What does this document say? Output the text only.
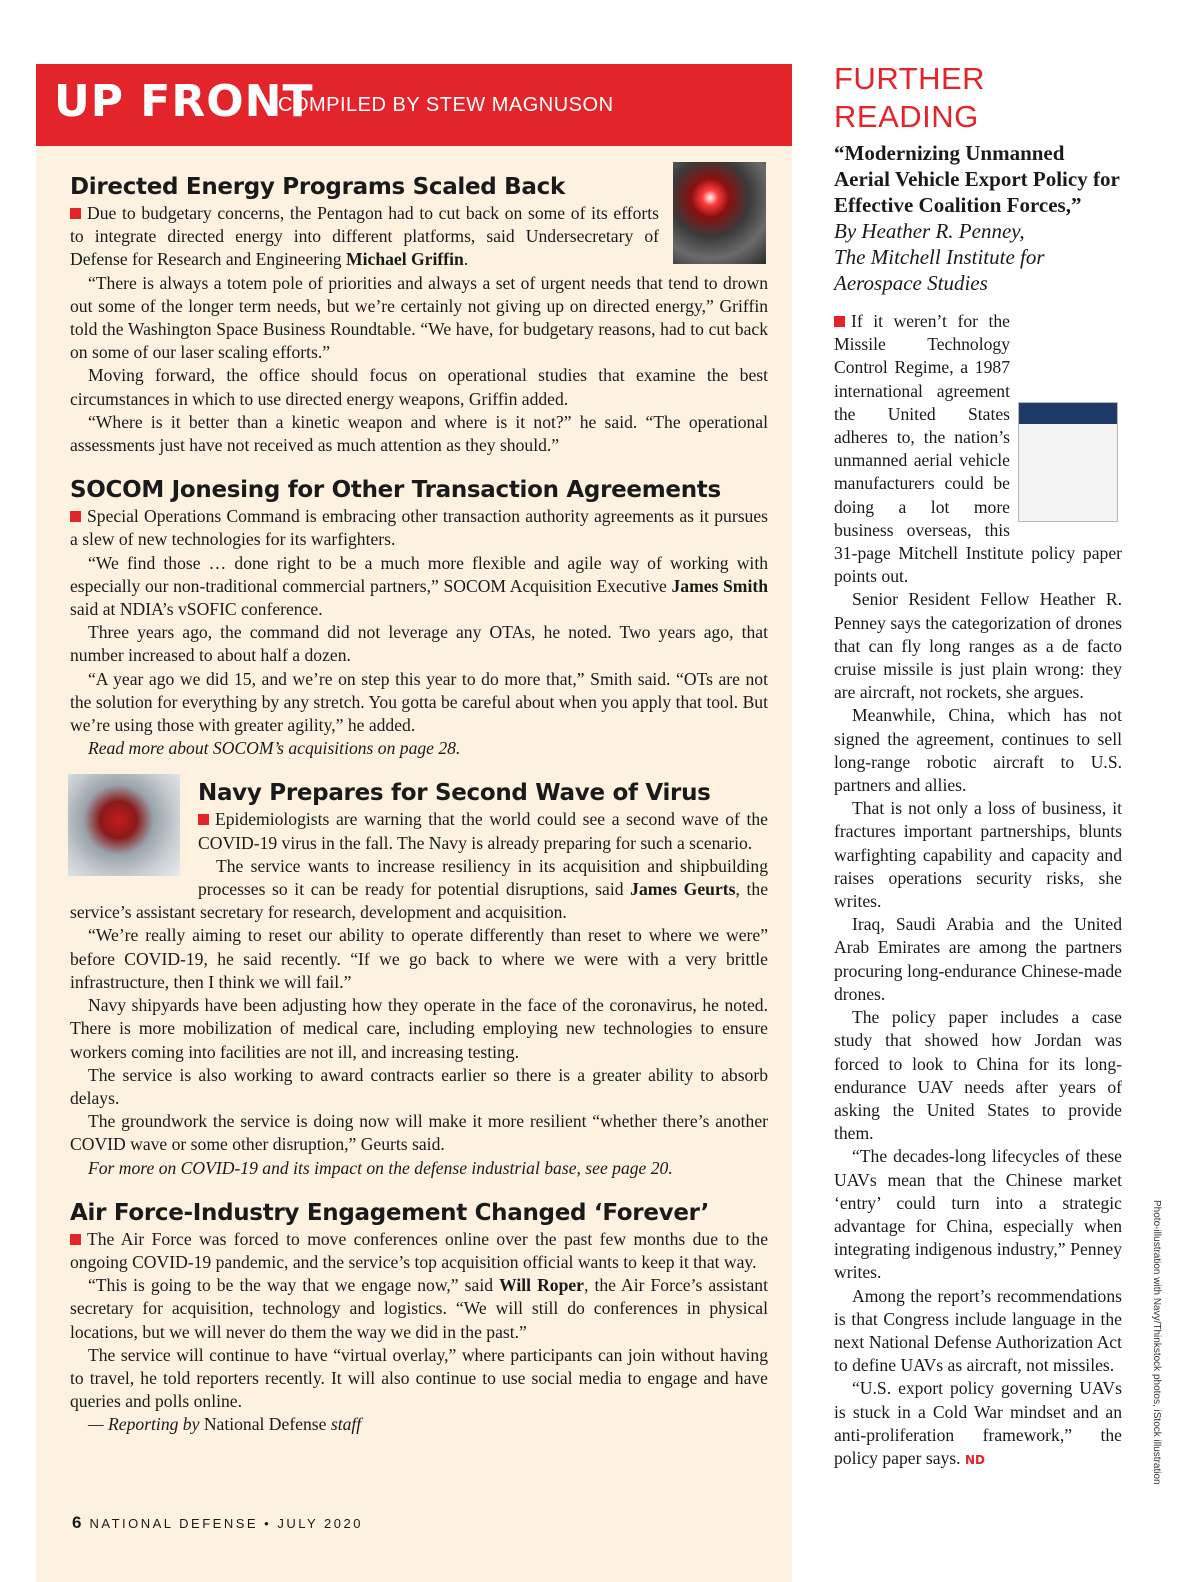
UP FRONT
COMPILED BY STEW MAGNUSON
Directed Energy Programs Scaled Back

Due to budgetary concerns, the Pentagon had to cut back on some of its efforts to integrate directed energy into different platforms, said Undersecretary of Defense for Research and Engineering Michael Griffin.

“There is always a totem pole of priorities and always a set of urgent needs that tend to drown out some of the longer term needs, but we’re certainly not giving up on directed energy,” Griffin told the Washington Space Business Roundtable. “We have, for budgetary reasons, had to cut back on some of our laser scaling efforts.”

Moving forward, the office should focus on operational studies that examine the best circumstances in which to use directed energy weapons, Griffin added.

“Where is it better than a kinetic weapon and where is it not?” he said. “The operational assessments just have not received as much attention as they should.”

SOCOM Jonesing for Other Transaction Agreements

Special Operations Command is embracing other transaction authority agreements as it pursues a slew of new technologies for its warfighters.

“We find those … done right to be a much more flexible and agile way of working with especially our non-traditional commercial partners,” SOCOM Acquisition Executive James Smith said at NDIA’s vSOFIC conference.

Three years ago, the command did not leverage any OTAs, he noted. Two years ago, that number increased to about half a dozen.

“A year ago we did 15, and we’re on step this year to do more that,” Smith said. “OTs are not the solution for everything by any stretch. You gotta be careful about when you apply that tool. But we’re using those with greater agility,” he added.

Read more about SOCOM’s acquisitions on page 28.

Navy Prepares for Second Wave of Virus

Epidemiologists are warning that the world could see a second wave of the COVID-19 virus in the fall. The Navy is already preparing for such a scenario.

The service wants to increase resiliency in its acquisition and shipbuilding processes so it can be ready for potential disruptions, said James Geurts, the service’s assistant secretary for research, development and acquisition.

“We’re really aiming to reset our ability to operate differently than reset to where we were” before COVID-19, he said recently. “If we go back to where we were with a very brittle infrastructure, then I think we will fail.”

Navy shipyards have been adjusting how they operate in the face of the coronavirus, he noted. There is more mobilization of medical care, including employing new technologies to ensure workers coming into facilities are not ill, and increasing testing.

The service is also working to award contracts earlier so there is a greater ability to absorb delays.

The groundwork the service is doing now will make it more resilient “whether there’s another COVID wave or some other disruption,” Geurts said.

For more on COVID-19 and its impact on the defense industrial base, see page 20.

Air Force-Industry Engagement Changed ‘Forever’

The Air Force was forced to move conferences online over the past few months due to the ongoing COVID-19 pandemic, and the service’s top acquisition official wants to keep it that way.

“This is going to be the way that we engage now,” said Will Roper, the Air Force’s assistant secretary for acquisition, technology and logistics. “We will still do conferences in physical locations, but we will never do them the way we did in the past.”

The service will continue to have “virtual overlay,” where participants can join without having to travel, he told reporters recently. It will also continue to use social media to engage and have queries and polls online.

— Reporting by National Defense staff

FURTHER READING
“Modernizing Unmanned Aerial Vehicle Export Policy for Effective Coalition Forces,”
By Heather R. Penney,
The Mitchell Institute for
Aerospace Studies

If it weren’t for the Missile Technology Control Regime, a 1987 international agreement the United States adheres to, the nation’s unmanned aerial vehicle manufacturers could be doing a lot more business overseas, this 31-page Mitchell Institute policy paper points out.

Senior Resident Fellow Heather R. Penney says the categorization of drones that can fly long ranges as a de facto cruise missile is just plain wrong: they are aircraft, not rockets, she argues.

Meanwhile, China, which has not signed the agreement, continues to sell long-range robotic aircraft to U.S. partners and allies.

That is not only a loss of business, it fractures important partnerships, blunts warfighting capability and capacity and raises operations security risks, she writes.

Iraq, Saudi Arabia and the United Arab Emirates are among the partners procuring long-endurance Chinese-made drones.

The policy paper includes a case study that showed how Jordan was forced to look to China for its long-endurance UAV needs after years of asking the United States to provide them.

“The decades-long lifecycles of these UAVs mean that the Chinese market ‘entry’ could turn into a strategic advantage for China, especially when integrating indigenous industry,” Penney writes.

Among the report’s recommendations is that Congress include language in the next National Defense Authorization Act to define UAVs as aircraft, not missiles.

“U.S. export policy governing UAVs is stuck in a Cold War mindset and an anti-proliferation framework,” the policy paper says. ND

6 NATIONAL DEFENSE • JULY 2020
Photo-illustration with Navy/Thinkstock photos, iStock illustration
